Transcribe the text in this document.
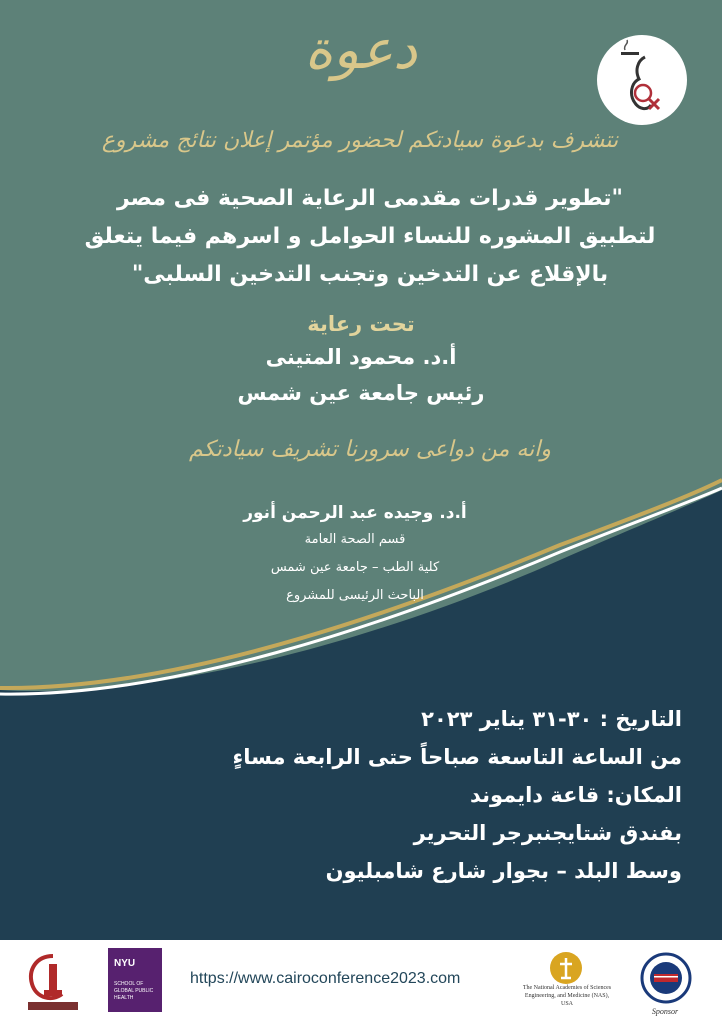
دعوة
نتشرف بدعوة سيادتكم لحضور مؤتمر إعلان نتائج مشروع
"تطوير قدرات مقدمى الرعاية الصحية فى مصر
لتطبيق المشوره للنساء الحوامل و اسرهم فيما يتعلق
بالإقلاع عن التدخين وتجنب التدخين السلبى"
تحت رعاية
أ.د. محمود المتينى
رئيس جامعة عين شمس
وانه من دواعى سرورنا تشريف سيادتكم
أ.د. وجيده عبد الرحمن أنور
قسم الصحة العامة
كلية الطب – جامعة عين شمس
الباحث الرئيسى للمشروع
التاريخ : ٣٠-٣١ يناير ٢٠٢٣
من الساعة التاسعة صباحاً حتى الرابعة مساءٍ
المكان: قاعة دايموند
بفندق شتايجنبرجر التحرير
وسط البلد – بجوار شارع شامبليون
NYU
SCHOOL OF GLOBAL PUBLIC HEALTH
https://www.cairoconference2023.com
The National Academies of Sciences Engineering, and Medicine (NAS), USA
Sponsor
